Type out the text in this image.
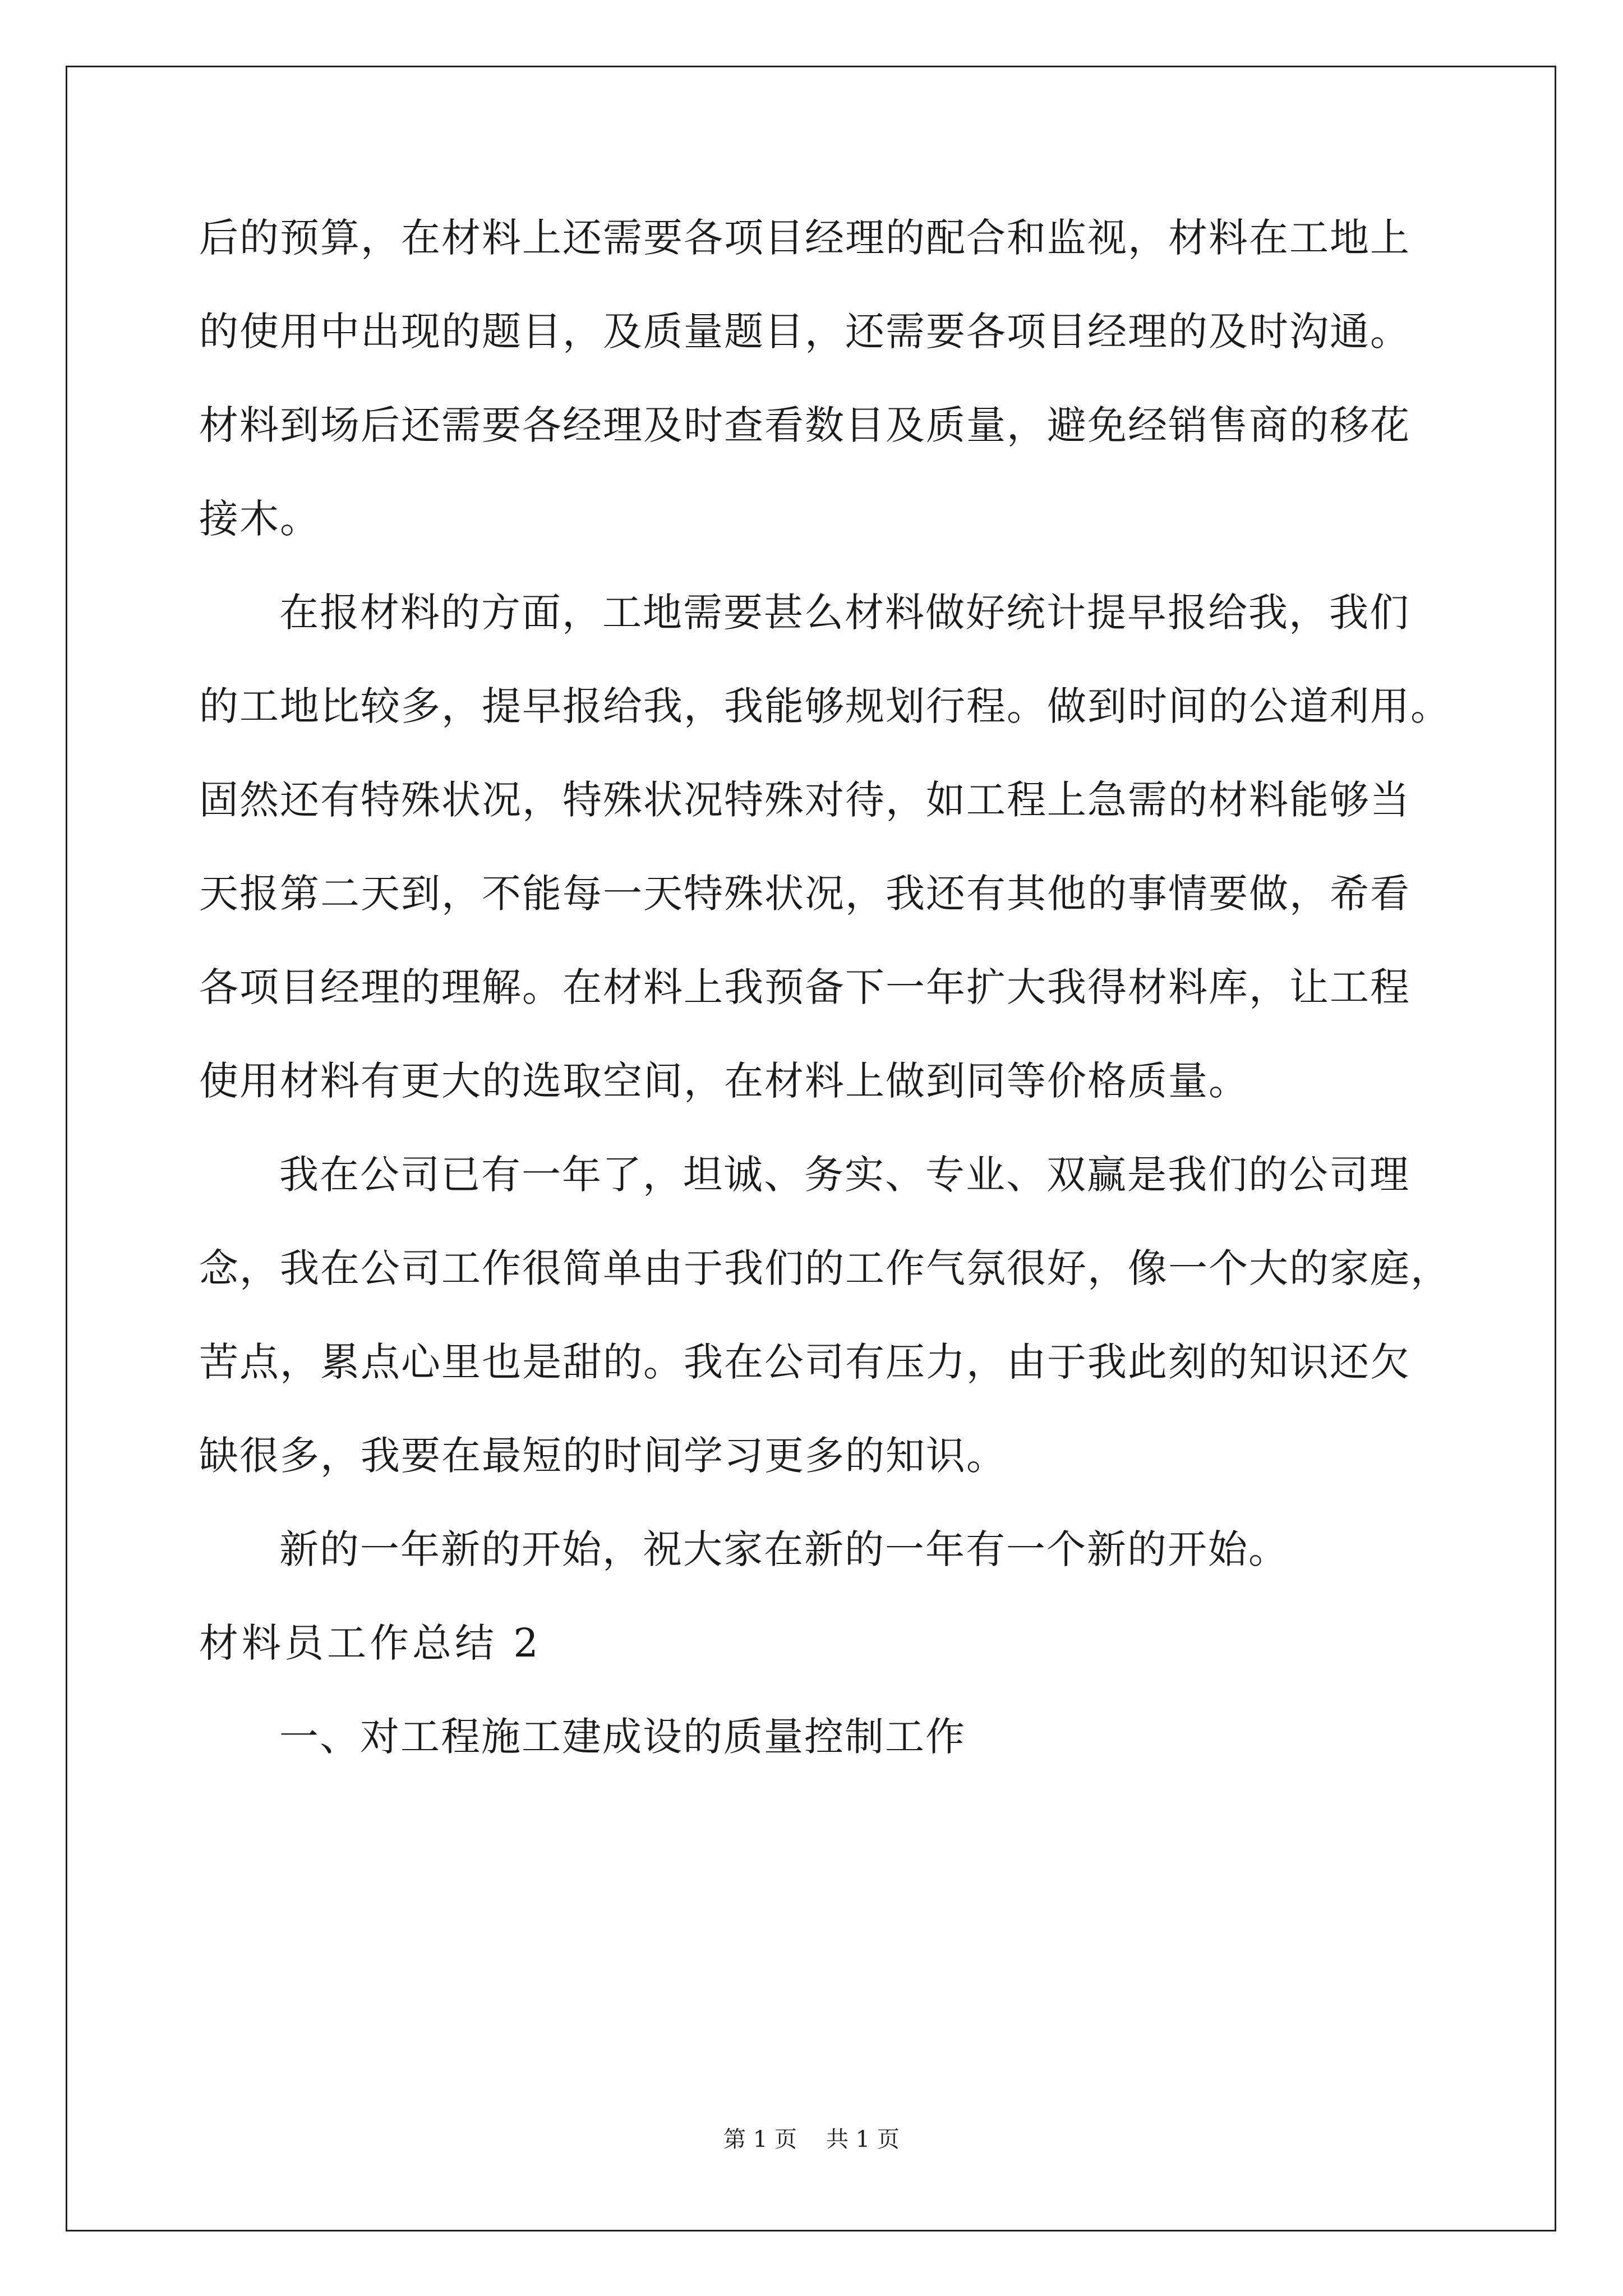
后的预算，在材料上还需要各项目经理的配合和监视，材料在工地上
的使用中出现的题目，及质量题目，还需要各项目经理的及时沟通。
材料到场后还需要各经理及时查看数目及质量，避免经销售商的移花
接木。
在报材料的方面，工地需要甚么材料做好统计提早报给我，我们
的工地比较多，提早报给我，我能够规划行程。做到时间的公道利用。
固然还有特殊状况，特殊状况特殊对待，如工程上急需的材料能够当
天报第二天到，不能每一天特殊状况，我还有其他的事情要做，希看
各项目经理的理解。在材料上我预备下一年扩大我得材料库，让工程
使用材料有更大的选取空间，在材料上做到同等价格质量。
我在公司已有一年了，坦诚、务实、专业、双赢是我们的公司理
念，我在公司工作很简单由于我们的工作气氛很好，像一个大的家庭，
苦点，累点心里也是甜的。我在公司有压力，由于我此刻的知识还欠
缺很多，我要在最短的时间学习更多的知识。
新的一年新的开始，祝大家在新的一年有一个新的开始。
材料员工作总结 2
一、对工程施工建成设的质量控制工作
第 1 页 共 1 页
